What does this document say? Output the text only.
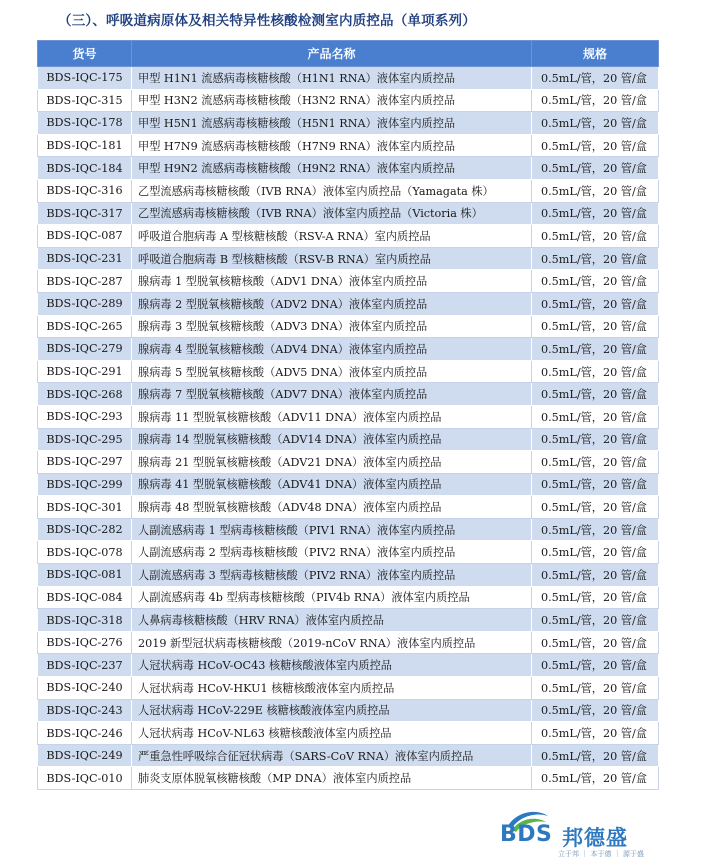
（三）、呼吸道病原体及相关特异性核酸检测室内质控品（单项系列）
货号	产品名称	规格
BDS-IQC-175	甲型 H1N1 流感病毒核糖核酸（H1N1 RNA）液体室内质控品	0.5mL/管，20 管/盒
BDS-IQC-315	甲型 H3N2 流感病毒核糖核酸（H3N2 RNA）液体室内质控品	0.5mL/管，20 管/盒
BDS-IQC-178	甲型 H5N1 流感病毒核糖核酸（H5N1 RNA）液体室内质控品	0.5mL/管，20 管/盒
BDS-IQC-181	甲型 H7N9 流感病毒核糖核酸（H7N9 RNA）液体室内质控品	0.5mL/管，20 管/盒
BDS-IQC-184	甲型 H9N2 流感病毒核糖核酸（H9N2 RNA）液体室内质控品	0.5mL/管，20 管/盒
BDS-IQC-316	乙型流感病毒核糖核酸（IVB RNA）液体室内质控品（Yamagata 株）	0.5mL/管，20 管/盒
BDS-IQC-317	乙型流感病毒核糖核酸（IVB RNA）液体室内质控品（Victoria 株）	0.5mL/管，20 管/盒
BDS-IQC-087	呼吸道合胞病毒 A 型核糖核酸（RSV-A RNA）室内质控品	0.5mL/管，20 管/盒
BDS-IQC-231	呼吸道合胞病毒 B 型核糖核酸（RSV-B RNA）室内质控品	0.5mL/管，20 管/盒
BDS-IQC-287	腺病毒 1 型脱氧核糖核酸（ADV1 DNA）液体室内质控品	0.5mL/管，20 管/盒
BDS-IQC-289	腺病毒 2 型脱氧核糖核酸（ADV2 DNA）液体室内质控品	0.5mL/管，20 管/盒
BDS-IQC-265	腺病毒 3 型脱氧核糖核酸（ADV3 DNA）液体室内质控品	0.5mL/管，20 管/盒
BDS-IQC-279	腺病毒 4 型脱氧核糖核酸（ADV4 DNA）液体室内质控品	0.5mL/管，20 管/盒
BDS-IQC-291	腺病毒 5 型脱氧核糖核酸（ADV5 DNA）液体室内质控品	0.5mL/管，20 管/盒
BDS-IQC-268	腺病毒 7 型脱氧核糖核酸（ADV7 DNA）液体室内质控品	0.5mL/管，20 管/盒
BDS-IQC-293	腺病毒 11 型脱氧核糖核酸（ADV11 DNA）液体室内质控品	0.5mL/管，20 管/盒
BDS-IQC-295	腺病毒 14 型脱氧核糖核酸（ADV14 DNA）液体室内质控品	0.5mL/管，20 管/盒
BDS-IQC-297	腺病毒 21 型脱氧核糖核酸（ADV21 DNA）液体室内质控品	0.5mL/管，20 管/盒
BDS-IQC-299	腺病毒 41 型脱氧核糖核酸（ADV41 DNA）液体室内质控品	0.5mL/管，20 管/盒
BDS-IQC-301	腺病毒 48 型脱氧核糖核酸（ADV48 DNA）液体室内质控品	0.5mL/管，20 管/盒
BDS-IQC-282	人副流感病毒 1 型病毒核糖核酸（PIV1 RNA）液体室内质控品	0.5mL/管，20 管/盒
BDS-IQC-078	人副流感病毒 2 型病毒核糖核酸（PIV2 RNA）液体室内质控品	0.5mL/管，20 管/盒
BDS-IQC-081	人副流感病毒 3 型病毒核糖核酸（PIV2 RNA）液体室内质控品	0.5mL/管，20 管/盒
BDS-IQC-084	人副流感病毒 4b 型病毒核糖核酸（PIV4b RNA）液体室内质控品	0.5mL/管，20 管/盒
BDS-IQC-318	人鼻病毒核糖核酸（HRV RNA）液体室内质控品	0.5mL/管，20 管/盒
BDS-IQC-276	2019 新型冠状病毒核糖核酸（2019-nCoV RNA）液体室内质控品	0.5mL/管，20 管/盒
BDS-IQC-237	人冠状病毒 HCoV-OC43 核糖核酸液体室内质控品	0.5mL/管，20 管/盒
BDS-IQC-240	人冠状病毒 HCoV-HKU1 核糖核酸液体室内质控品	0.5mL/管，20 管/盒
BDS-IQC-243	人冠状病毒 HCoV-229E 核糖核酸液体室内质控品	0.5mL/管，20 管/盒
BDS-IQC-246	人冠状病毒 HCoV-NL63 核糖核酸液体室内质控品	0.5mL/管，20 管/盒
BDS-IQC-249	严重急性呼吸综合征冠状病毒（SARS-CoV RNA）液体室内质控品	0.5mL/管，20 管/盒
BDS-IQC-010	肺炎支原体脱氧核糖核酸（MP DNA）液体室内质控品	0.5mL/管，20 管/盒
BDS 邦德盛
立于邦 ｜ 本于德 ｜ 源于盛
